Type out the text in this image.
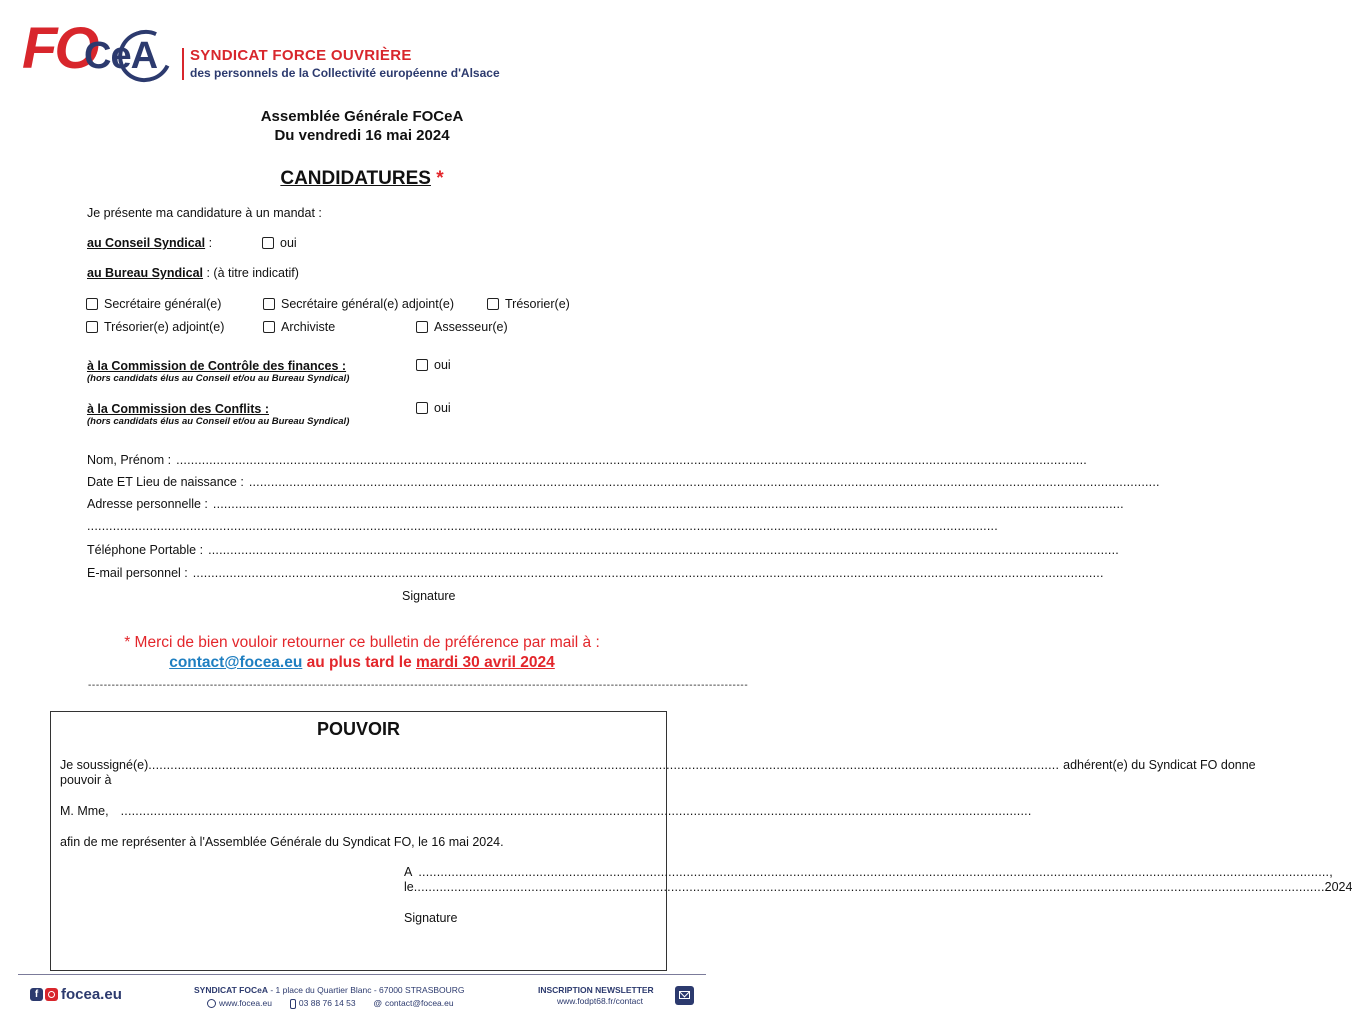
FO
CeA SYNDICAT FORCE OUVRIÈRE
des personnels de la Collectivité européenne d'Alsace
Assemblée Générale FOCeA
Du vendredi 16 mai 2024
CANDIDATURES *
Je présente ma candidature à un mandat :
au Conseil Syndical :	oui
au Bureau Syndical : (à titre indicatif)
Secrétaire général(e)	Secrétaire général(e) adjoint(e)	Trésorier(e)
Trésorier(e) adjoint(e)	Archiviste	Assesseur(e)
à la Commission de Contrôle des finances :
(hors candidats élus au Conseil et/ou au Bureau Syndical)
oui
à la Commission des Conflits :
(hors candidats élus au Conseil et/ou au Bureau Syndical)
oui
Nom, Prénom :
.....
Date ET Lieu de naissance :
.....
Adresse personnelle :
.....
.....
Téléphone Portable :
.....
E-mail personnel :
.....
Signature
* Merci de bien vouloir retourner ce bulletin de préférence par mail à :
contact@focea.eu au plus tard le mardi 30 avril 2024
------------------------------------------------------------------------------------------------------------------------------------------------------------------------
POUVOIR
Je soussigné(e) .....	adhérent(e) du Syndicat FO donne
pouvoir à
M. Mme,
.....
afin de me représenter à l'Assemblée Générale du Syndicat FO, le 16 mai 2024.
A .....	,
le .....	2024
Signature
f	focea.eu	SYNDICAT FOCeA - 1 place du Quartier Blanc - 67000 STRASBOURG
www.focea.eu	03 88 76 14 53 @ contact@focea.eu
INSCRIPTION NEWSLETTER
www.fodpt68.fr/contact
